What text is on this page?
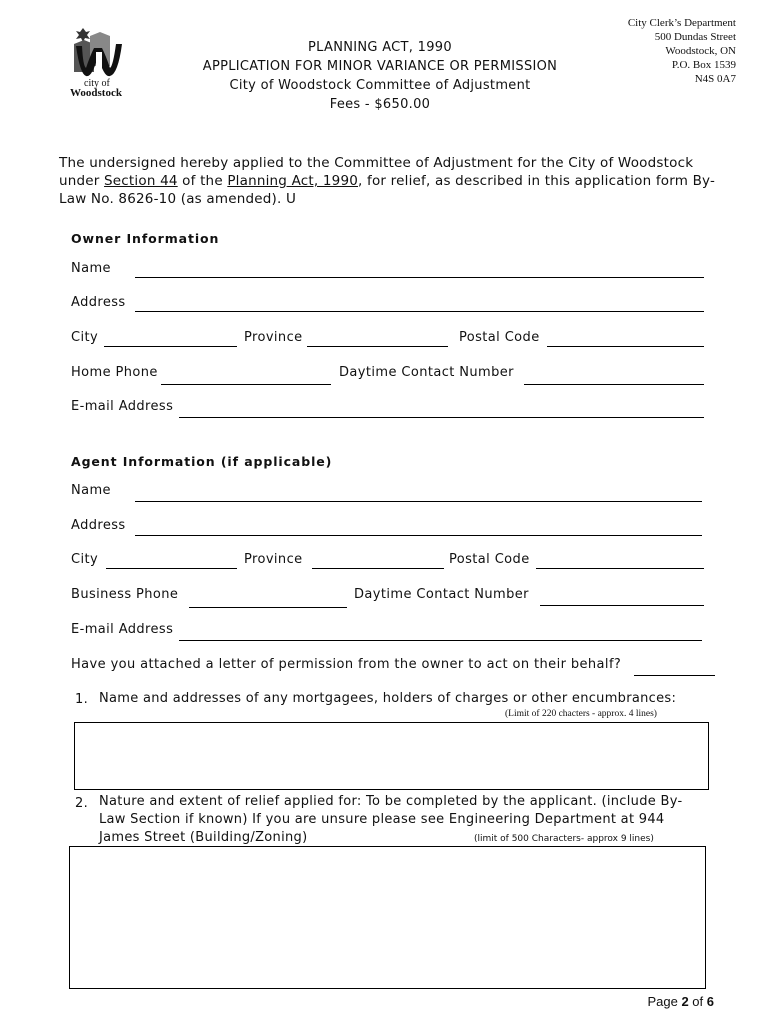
city of
Woodstock
City Clerk’s Department
500 Dundas Street
Woodstock, ON
P.O. Box 1539
N4S 0A7
PLANNING ACT, 1990
APPLICATION FOR MINOR VARIANCE OR PERMISSION
City of Woodstock Committee of Adjustment
Fees - $650.00
The undersigned hereby applied to the Committee of Adjustment for the City of Woodstock under Section 44 of the Planning Act, 1990, for relief, as described in this application form By-Law No. 8626-10 (as amended). U
Owner Information
Name
Address
City	Province	Postal Code
Home Phone	Daytime Contact Number
E-mail Address
Agent Information (if applicable)
Name
Address
City	Province	Postal Code
Business Phone	Daytime Contact Number
E-mail Address
Have you attached a letter of permission from the owner to act on their behalf?
1. Name and addresses of any mortgagees, holders of charges or other encumbrances:
(Limit of 220 chacters - approx. 4 lines)
2. Nature and extent of relief applied for: To be completed by the applicant. (include By-
Law Section if known) If you are unsure please see Engineering Department at 944
James Street (Building/Zoning)	(limit of 500 Characters- approx 9 lines)
Page 2 of 6
